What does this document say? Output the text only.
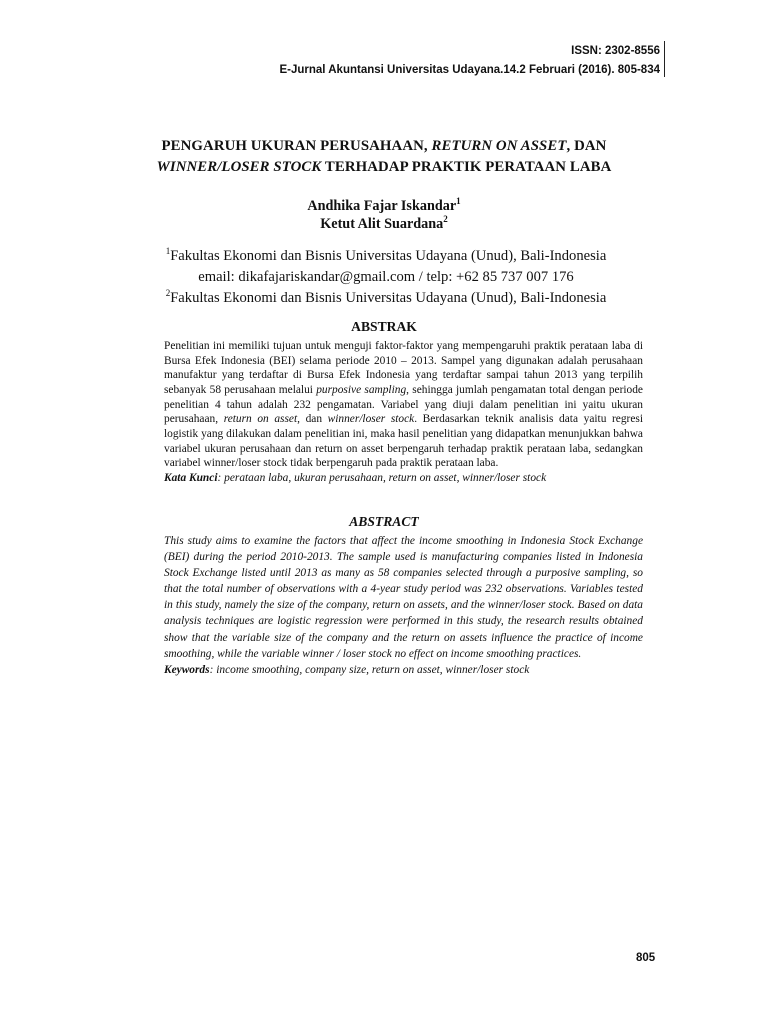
ISSN: 2302-8556
E-Jurnal Akuntansi Universitas Udayana.14.2 Februari (2016). 805-834
PENGARUH UKURAN PERUSAHAAN, RETURN ON ASSET, DAN
WINNER/LOSER STOCK TERHADAP PRAKTIK PERATAAN LABA
Andhika Fajar Iskandar$^1$
Ketut Alit Suardana$^2$
$^1$Fakultas Ekonomi dan Bisnis Universitas Udayana (Unud), Bali-Indonesia
email: dikafajariskandar@gmail.com / telp: +62 85 737 007 176
$^2$Fakultas Ekonomi dan Bisnis Universitas Udayana (Unud), Bali-Indonesia
ABSTRAK

Penelitian ini memiliki tujuan untuk menguji faktor-faktor yang mempengaruhi praktik perataan laba di Bursa Efek Indonesia (BEI) selama periode 2010 – 2013. Sampel yang digunakan adalah perusahaan manufaktur yang terdaftar di Bursa Efek Indonesia yang terdaftar sampai tahun 2013 yang terpilih sebanyak 58 perusahaan melalui purposive sampling, sehingga jumlah pengamatan total dengan periode penelitian 4 tahun adalah 232 pengamatan. Variabel yang diuji dalam penelitian ini yaitu ukuran perusahaan, return on asset, dan winner/loser stock. Berdasarkan teknik analisis data yaitu regresi logistik yang dilakukan dalam penelitian ini, maka hasil penelitian yang didapatkan menunjukkan bahwa variabel ukuran perusahaan dan return on asset berpengaruh terhadap praktik perataan laba, sedangkan variabel winner/loser stock tidak berpengaruh pada praktik perataan laba.

Kata Kunci: perataan laba, ukuran perusahaan, return on asset, winner/loser stock

ABSTRACT

This study aims to examine the factors that affect the income smoothing in Indonesia Stock Exchange (BEI) during the period 2010-2013. The sample used is manufacturing companies listed in Indonesia Stock Exchange listed until 2013 as many as 58 companies selected through a purposive sampling, so that the total number of observations with a 4-year study period was 232 observations. Variables tested in this study, namely the size of the company, return on assets, and the winner/loser stock. Based on data analysis techniques are logistic regression were performed in this study, the research results obtained show that the variable size of the company and the return on assets influence the practice of income smoothing, while the variable winner / loser stock no effect on income smoothing practices.

Keywords: income smoothing, company size, return on asset, winner/loser stock

805
